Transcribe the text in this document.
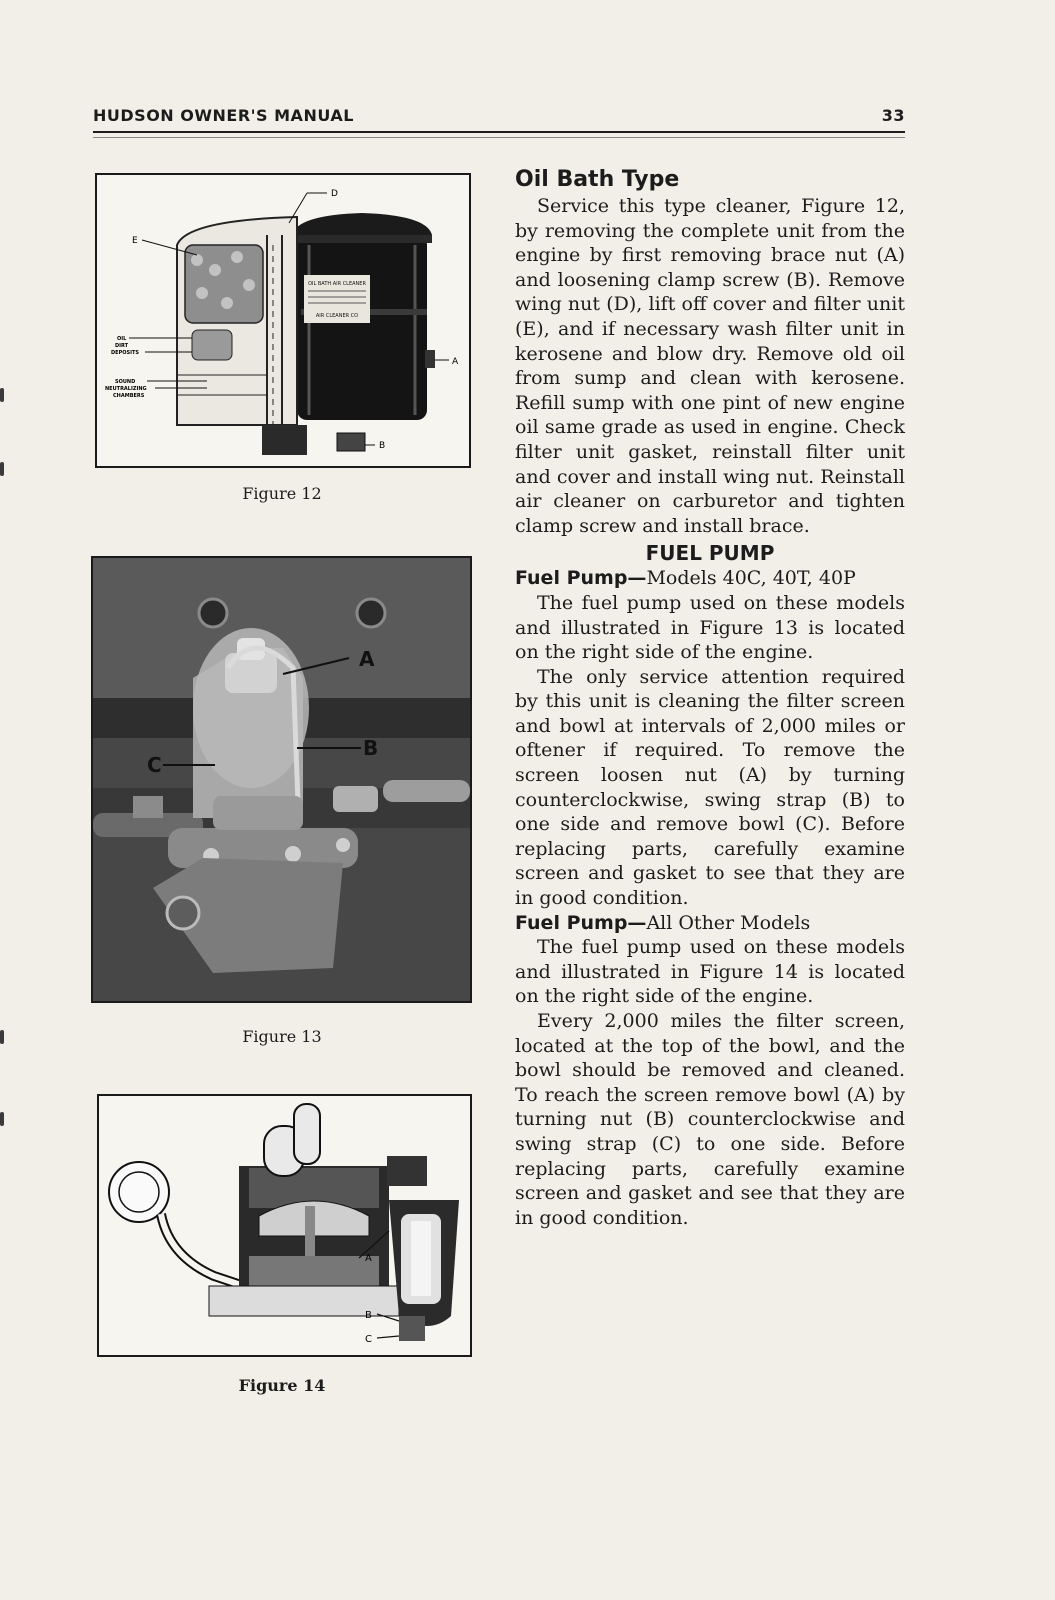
HUDSON OWNER'S MANUAL	33
OIL BATH AIR CLEANER
AIR CLEANER CO
D
E
A
B
OIL
DIRT
DEPOSITS
SOUND
NEUTRALIZING
CHAMBERS
Figure 12
A
B
C
Figure 13
A
B
C
Figure 14
Oil Bath Type

Service this type cleaner, Figure 12, by removing the complete unit from the engine by first removing brace nut (A) and loosening clamp screw (B). Remove wing nut (D), lift off cover and filter unit (E), and if necessary wash filter unit in kerosene and blow dry. Remove old oil from sump and clean with kerosene. Refill sump with one pint of new engine oil same grade as used in engine. Check filter unit gasket, reinstall filter unit and cover and install wing nut. Reinstall air cleaner on carburetor and tighten clamp screw and install brace.

FUEL PUMP

Fuel Pump—Models 40C, 40T, 40P

The fuel pump used on these models and illustrated in Figure 13 is located on the right side of the engine.

The only service attention required by this unit is cleaning the filter screen and bowl at intervals of 2,000 miles or oftener if required. To remove the screen loosen nut (A) by turning counterclockwise, swing strap (B) to one side and remove bowl (C). Before replacing parts, carefully examine screen and gasket to see that they are in good condition.

Fuel Pump—All Other Models

The fuel pump used on these models and illustrated in Figure 14 is located on the right side of the engine.

Every 2,000 miles the filter screen, located at the top of the bowl, and the bowl should be removed and cleaned. To reach the screen remove bowl (A) by turning nut (B) counterclockwise and swing strap (C) to one side. Before replacing parts, carefully examine screen and gasket and see that they are in good condition.
